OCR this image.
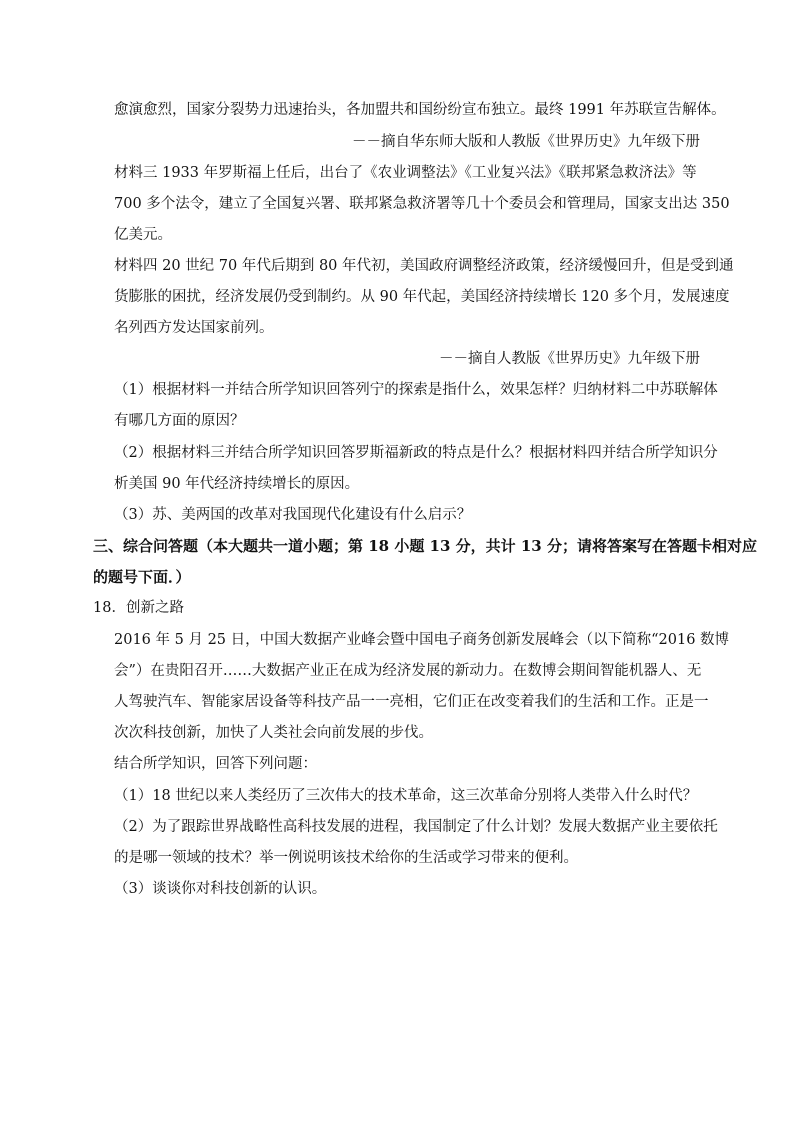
愈演愈烈，国家分裂势力迅速抬头，各加盟共和国纷纷宣布独立。最终 1991 年苏联宣告解体。
－－摘自华东师大版和人教版《世界历史》九年级下册
材料三 1933 年罗斯福上任后，出台了《农业调整法》《工业复兴法》《联邦紧急救济法》等
700 多个法令，建立了全国复兴署、联邦紧急救济署等几十个委员会和管理局，国家支出达 350
亿美元。
材料四 20 世纪 70 年代后期到 80 年代初，美国政府调整经济政策，经济缓慢回升，但是受到通
货膨胀的困扰，经济发展仍受到制约。从 90 年代起，美国经济持续增长 120 多个月，发展速度
名列西方发达国家前列。
－－摘自人教版《世界历史》九年级下册
（1）根据材料一并结合所学知识回答列宁的探索是指什么，效果怎样？归纳材料二中苏联解体
有哪几方面的原因？
（2）根据材料三并结合所学知识回答罗斯福新政的特点是什么？根据材料四并结合所学知识分
析美国 90 年代经济持续增长的原因。
（3）苏、美两国的改革对我国现代化建设有什么启示？
三、综合问答题（本大题共一道小题；第 18 小题 13 分，共计 13 分；请将答案写在答题卡相对应
的题号下面．）
18．创新之路
2016 年 5 月 25 日，中国大数据产业峰会暨中国电子商务创新发展峰会（以下简称“2016 数博
会”）在贵阳召开……大数据产业正在成为经济发展的新动力。在数博会期间智能机器人、无
人驾驶汽车、智能家居设备等科技产品一一亮相，它们正在改变着我们的生活和工作。正是一
次次科技创新，加快了人类社会向前发展的步伐。
结合所学知识，回答下列问题：
（1）18 世纪以来人类经历了三次伟大的技术革命，这三次革命分别将人类带入什么时代？
（2）为了跟踪世界战略性高科技发展的进程，我国制定了什么计划？发展大数据产业主要依托
的是哪一领域的技术？举一例说明该技术给你的生活或学习带来的便利。
（3）谈谈你对科技创新的认识。
